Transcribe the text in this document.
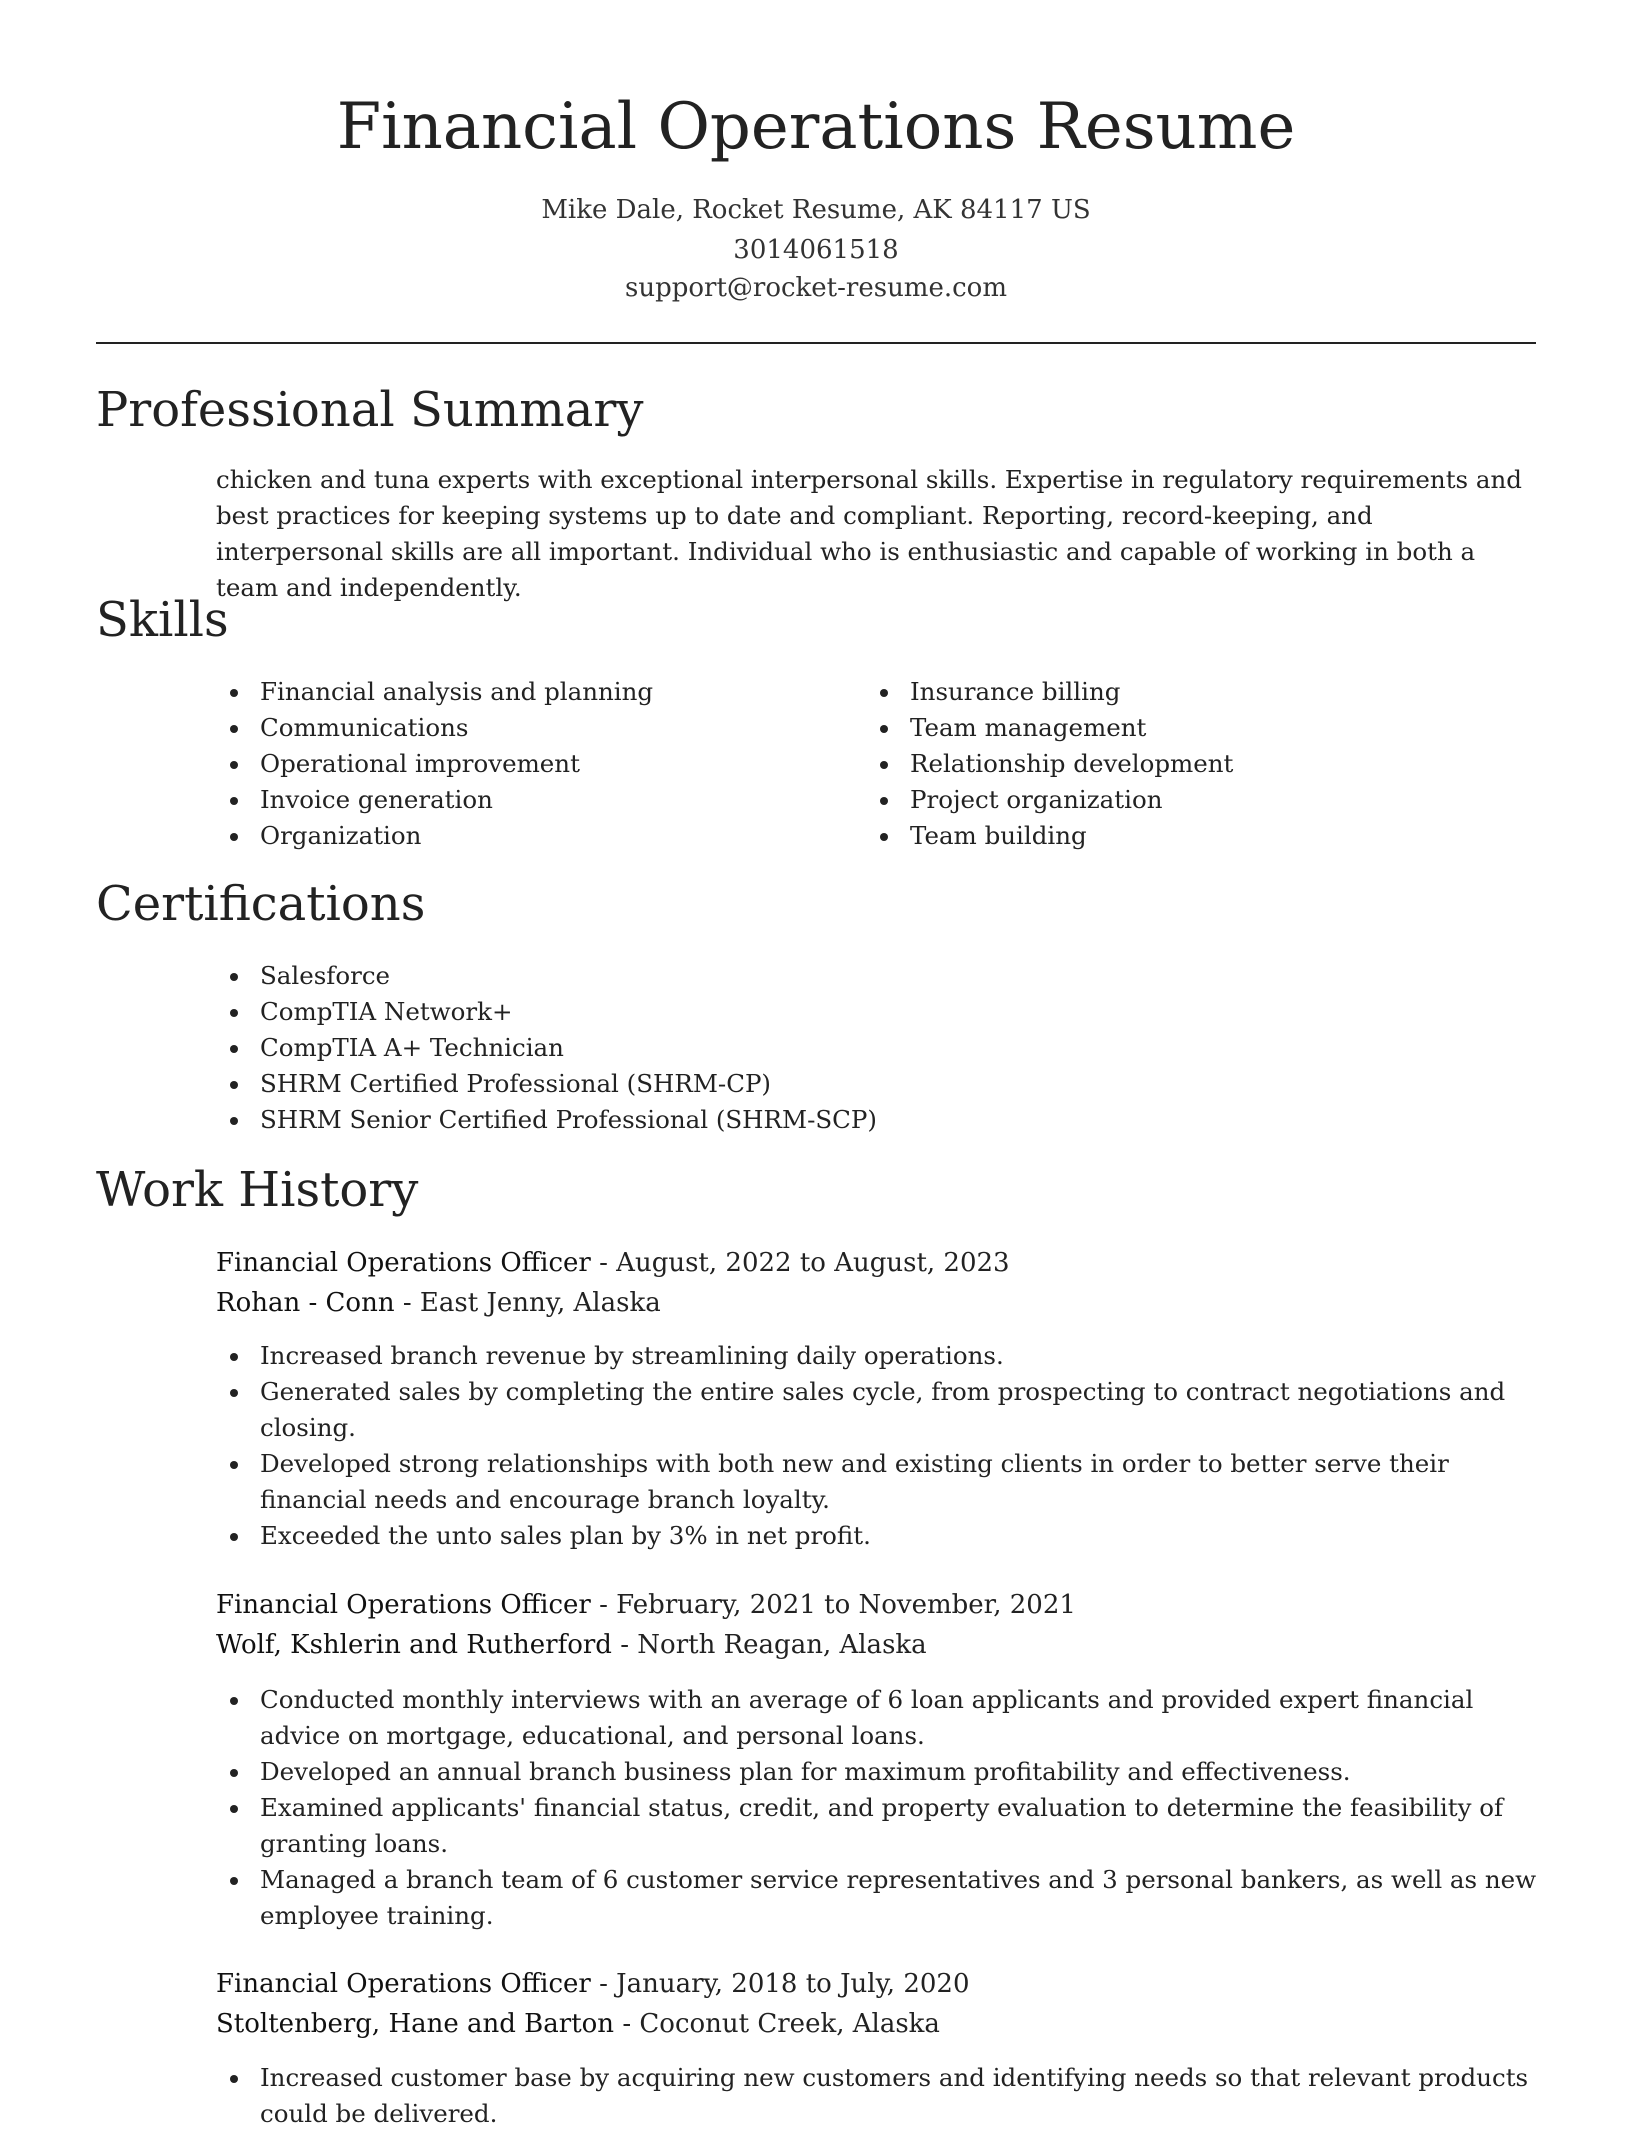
Financial Operations Resume
Mike Dale, Rocket Resume, AK 84117 US
3014061518
support@rocket-resume.com
Professional Summary

chicken and tuna experts with exceptional interpersonal skills. Expertise in regulatory requirements and best practices for keeping systems up to date and compliant. Reporting, record-keeping, and interpersonal skills are all important. Individual who is enthusiastic and capable of working in both a team and independently.

Skills
Financial analysis and planning
Communications
Operational improvement
Invoice generation
Organization
Insurance billing
Team management
Relationship development
Project organization
Team building
Certifications
Salesforce
CompTIA Network+
CompTIA A+ Technician
SHRM Certified Professional (SHRM-CP)
SHRM Senior Certified Professional (SHRM-SCP)
Work History
Financial Operations Officer - August, 2022 to August, 2023
Rohan - Conn - East Jenny, Alaska
Increased branch revenue by streamlining daily operations.
Generated sales by completing the entire sales cycle, from prospecting to contract negotiations and closing.
Developed strong relationships with both new and existing clients in order to better serve their financial needs and encourage branch loyalty.
Exceeded the unto sales plan by 3% in net profit.
Financial Operations Officer - February, 2021 to November, 2021
Wolf, Kshlerin and Rutherford - North Reagan, Alaska
Conducted monthly interviews with an average of 6 loan applicants and provided expert financial advice on mortgage, educational, and personal loans.
Developed an annual branch business plan for maximum profitability and effectiveness.
Examined applicants' financial status, credit, and property evaluation to determine the feasibility of granting loans.
Managed a branch team of 6 customer service representatives and 3 personal bankers, as well as new employee training.
Financial Operations Officer - January, 2018 to July, 2020
Stoltenberg, Hane and Barton - Coconut Creek, Alaska
Increased customer base by acquiring new customers and identifying needs so that relevant products could be delivered.
